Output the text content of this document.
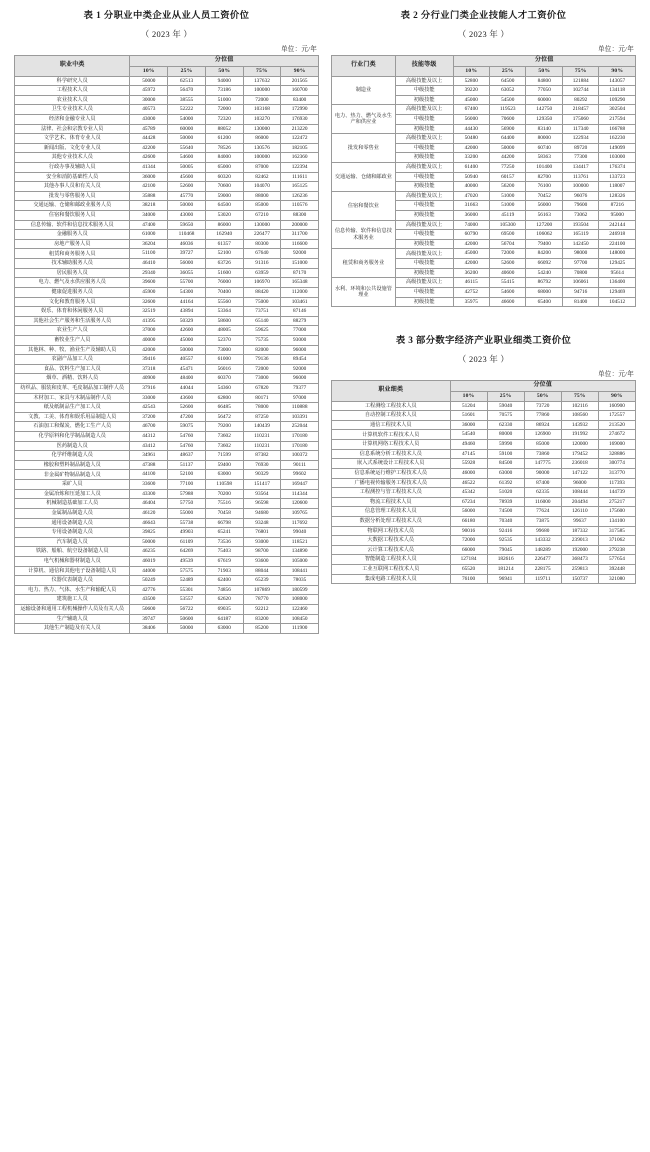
表 1 分职业中类企业从业人员工资价位
（ 2023 年 ）
单位：元/年
职业中类	分位值				
	10%	25%	50%	75%	90%
科学研究人员	50000	62513	94000	137632	201565
工程技术人员	45972	56470	73186	100000	160700
农业技术人员	30000	38555	51000	72000	83400
卫生专业技术人员	40573	52222	72000	103168	172990
经济和金融专业人员	43000	54000	72320	103270	176930
法律、社会和宗教专业人员	45789	60000	88052	130000	213220
文学艺术、体育专业人员	44428	50000	61200	86000	122472
新闻出版、文化专业人员	42200	55640	78526	130576	182105
其他专业技术人员	42600	54600	84000	100000	162360
行政办事及辅助人员	41344	50005	65000	87000	122394
安全和消防基础性人员	36000	45600	60320	82462	111611
其他办事人员和有关人员	42100	52600	70600	104070	165125
批发与零售服务人员	35888	45770	59000	88000	126236
交通运输、仓储和邮政业服务人员	38218	50000	64500	85000	110576
住宿和餐饮服务人员	34000	43000	53020	67210	88300
信息传输、软件和信息技术服务人员	47400	59650	86000	130000	200000
金融服务人员	61000	110468	162940	226477	311700
房地产服务人员	36204	46036	61357	80300	116600
租赁和商务服务人员	51100	39727	52100	67640	92000
技术辅助服务人员	46410	56000	63726	91316	151000
居民服务人员	29340	36055	51600	63959	87170
电力、燃气及水供应服务人员	39600	55700	76000	106970	165348
健康促进服务人员	45900	54300	70400	88420	112000
文化和教育服务人员	32600	44164	55560	75000	103461
娱乐、体育和休闲服务人员	32519	43894	53364	73751	87146
其他社会生产服务和生活服务人员	41395	50329	58600	65140	88279
农业生产人员	37000	42600	48005	59625	77000
畜牧业生产人员	40000	45000	52370	75735	93000
其他林、种、牧、渔业生产及辅助人员	42000	50000	73000	82000	96000
农副产品加工人员	39416	40557	61000	79136	89454
食品、饮料生产加工人员	37318	45471	56016	72000	92000
烟草、酒精、饮料人员	40900	48400	60370	73000	96000
纺织品、服装和皮革、毛皮制品加工制作人员	37916	44044	54360	67820	79377
木材加工、家具与木制品制作人员	33000	43600	62800	80171	97000
纸及纸制品生产加工人员	42543	52600	66485	78000	110888
文教、工美、体育和娱乐用品制造人员	37200	47200	56472	87250	103391
石油加工和煤炭、燃化工生产人员	46700	59075	79200	140439	252044
化学原料和化学制品制造人员	44312	54760	73602	110231	170180
医药制造人员	43412	54760	73602	110231	170180
化学纤维制造人员	34961	48637	71599	87382	100372
橡胶和塑料制品制造人员	47388	51137	59400	76930	90111
非金属矿物制品制造人员	44100	52100	63000	90329	99602
采矿人员	33600	77100	110598	151417	169447
金属冶炼和压延加工人员	43300	57988	70200	93564	114344
机械制造基础加工人员	46404	57750	75516	96598	120600
金属制品制造人员	46120	55000	70458	94680	109765
通用设备制造人员	46643	55738	66798	93248	117692
专用设备制造人员	39825	49903	65241	76801	99040
汽车制造人员	50000	61109	73536	93000	118521
铁路、船舶、航空设备制造人员	46235	64269	75403	98700	134890
电气机械和器材制造人员	46019	49539	67619	93600	105000
计算机、通信和其他电子设备制造人员	44000	57575	71903	88044	108441
仪器仪表制造人员	50249	52489	62400	65239	78035
电力、热力、气体、水生产和输配人员	42776	55301	74856	107869	180599
建筑施工人员	43500	53557	62620	78770	108000
运输设备和通用工程机械操作人员及有关人员	50600	56722	69035	92212	122460
生产辅助人员	39747	50600	64187	83200	108450
其他生产制造及有关人员	38406	50000	63000	85200	111900
表 2 分行业门类企业技能人才工资价位
（ 2023 年 ）
单位：元/年
行业门类	技能等级	分位值				
		10%	25%	50%	75%	90%
制造业	高级技能及以上	52800	64500	84800	121884	143057
	中级技能	39220	63052	77050	102744	134118
	初级技能	45000	54500	60000	80292	109290
电力、热力、燃气及水生产和供应业	高级技能及以上	67400	119523	142750	218457	302504
	中级技能	56000	70600	129350	175060	217594
	初级技能	44430	56900	83140	117340	166788
批发和零售业	高级技能及以上	50480	64400	80000	122934	162230
	中级技能	42000	50000	60740	89720	149099
	初级技能	33200	44200	58363	77300	103000
交通运输、仓储和邮政业	高级技能及以上	61400	77250	101400	134417	176374
	中级技能	50940	60157	82700	113761	133723
	初级技能	40000	56200	76100	100000	118007
住宿和餐饮业	高级技能及以上	47020	51000	70452	96076	128326
	中级技能	31663	51000	56000	79600	87216
	初级技能	36000	45119	56163	73062	95000
信息传输、软件和信息技术服务业	高级技能及以上	74000	105300	127200	193504	242144
	中级技能	60790	69500	106062	165119	246918
	初级技能	42000	56704	79400	142450	224100
租赁和商务服务业	高级技能及以上	45000	72000	84200	98000	148000
	中级技能	42000	52600	66092	97700	129425
	初级技能	36200	40600	54240	70800	95614
水利、环境和公共设施管理业	高级技能及以上	46115	55415	86792	106061	136400
	中级技能	42752	54600	68000	94716	129469
	初级技能	35975	46600	65400	81400	104512
表 3 部分数字经济产业职业细类工资价位
（ 2023 年 ）
单位：元/年
职业细类	分位值				
	10%	25%	50%	75%	90%
工程测绘工程技术人员	51204	59040	73720	102116	160900
自动控制工程技术人员	51601	70575	77860	108560	172557
通信工程技术人员	36000	62330	86924	143932	213520
计算机软件工程技术人员	54540	80000	126900	191992	274672
计算机网络工程技术人员	49460	59990	85000	120000	169000
信息系统分析工程技术人员	47145	59100	73860	179452	328886
嵌入式系统设计工程技术人员	55928	84500	147775	236018	300774
信息系统运行维护工程技术人员	46000	63000	90000	147122	313770
广播电视传输服务工程技术人员	46522	61392	87400	96000	117393
工程测控与管工程技术人员	45342	51020	62335	108444	144739
物流工程技术人员	67234	78939	116000	204494	275217
信息管理工程技术人员	56000	74500	77624	126110	175600
数据分析处理工程技术人员	66180	70340	73875	99637	134100
物联网工程技术人员	90016	92416	99680	187332	317585
大数据工程技术人员	72000	92535	143332	239013	371062
云计算工程技术人员	66000	79045	148289	192000	279238
智能制造工程技术人员	127184	182616	226477	368473	577654
工业互联网工程技术人员	65520	181214	228175	259813	392448
集成电路工程技术人员	76100	96941	119711	150737	321080
